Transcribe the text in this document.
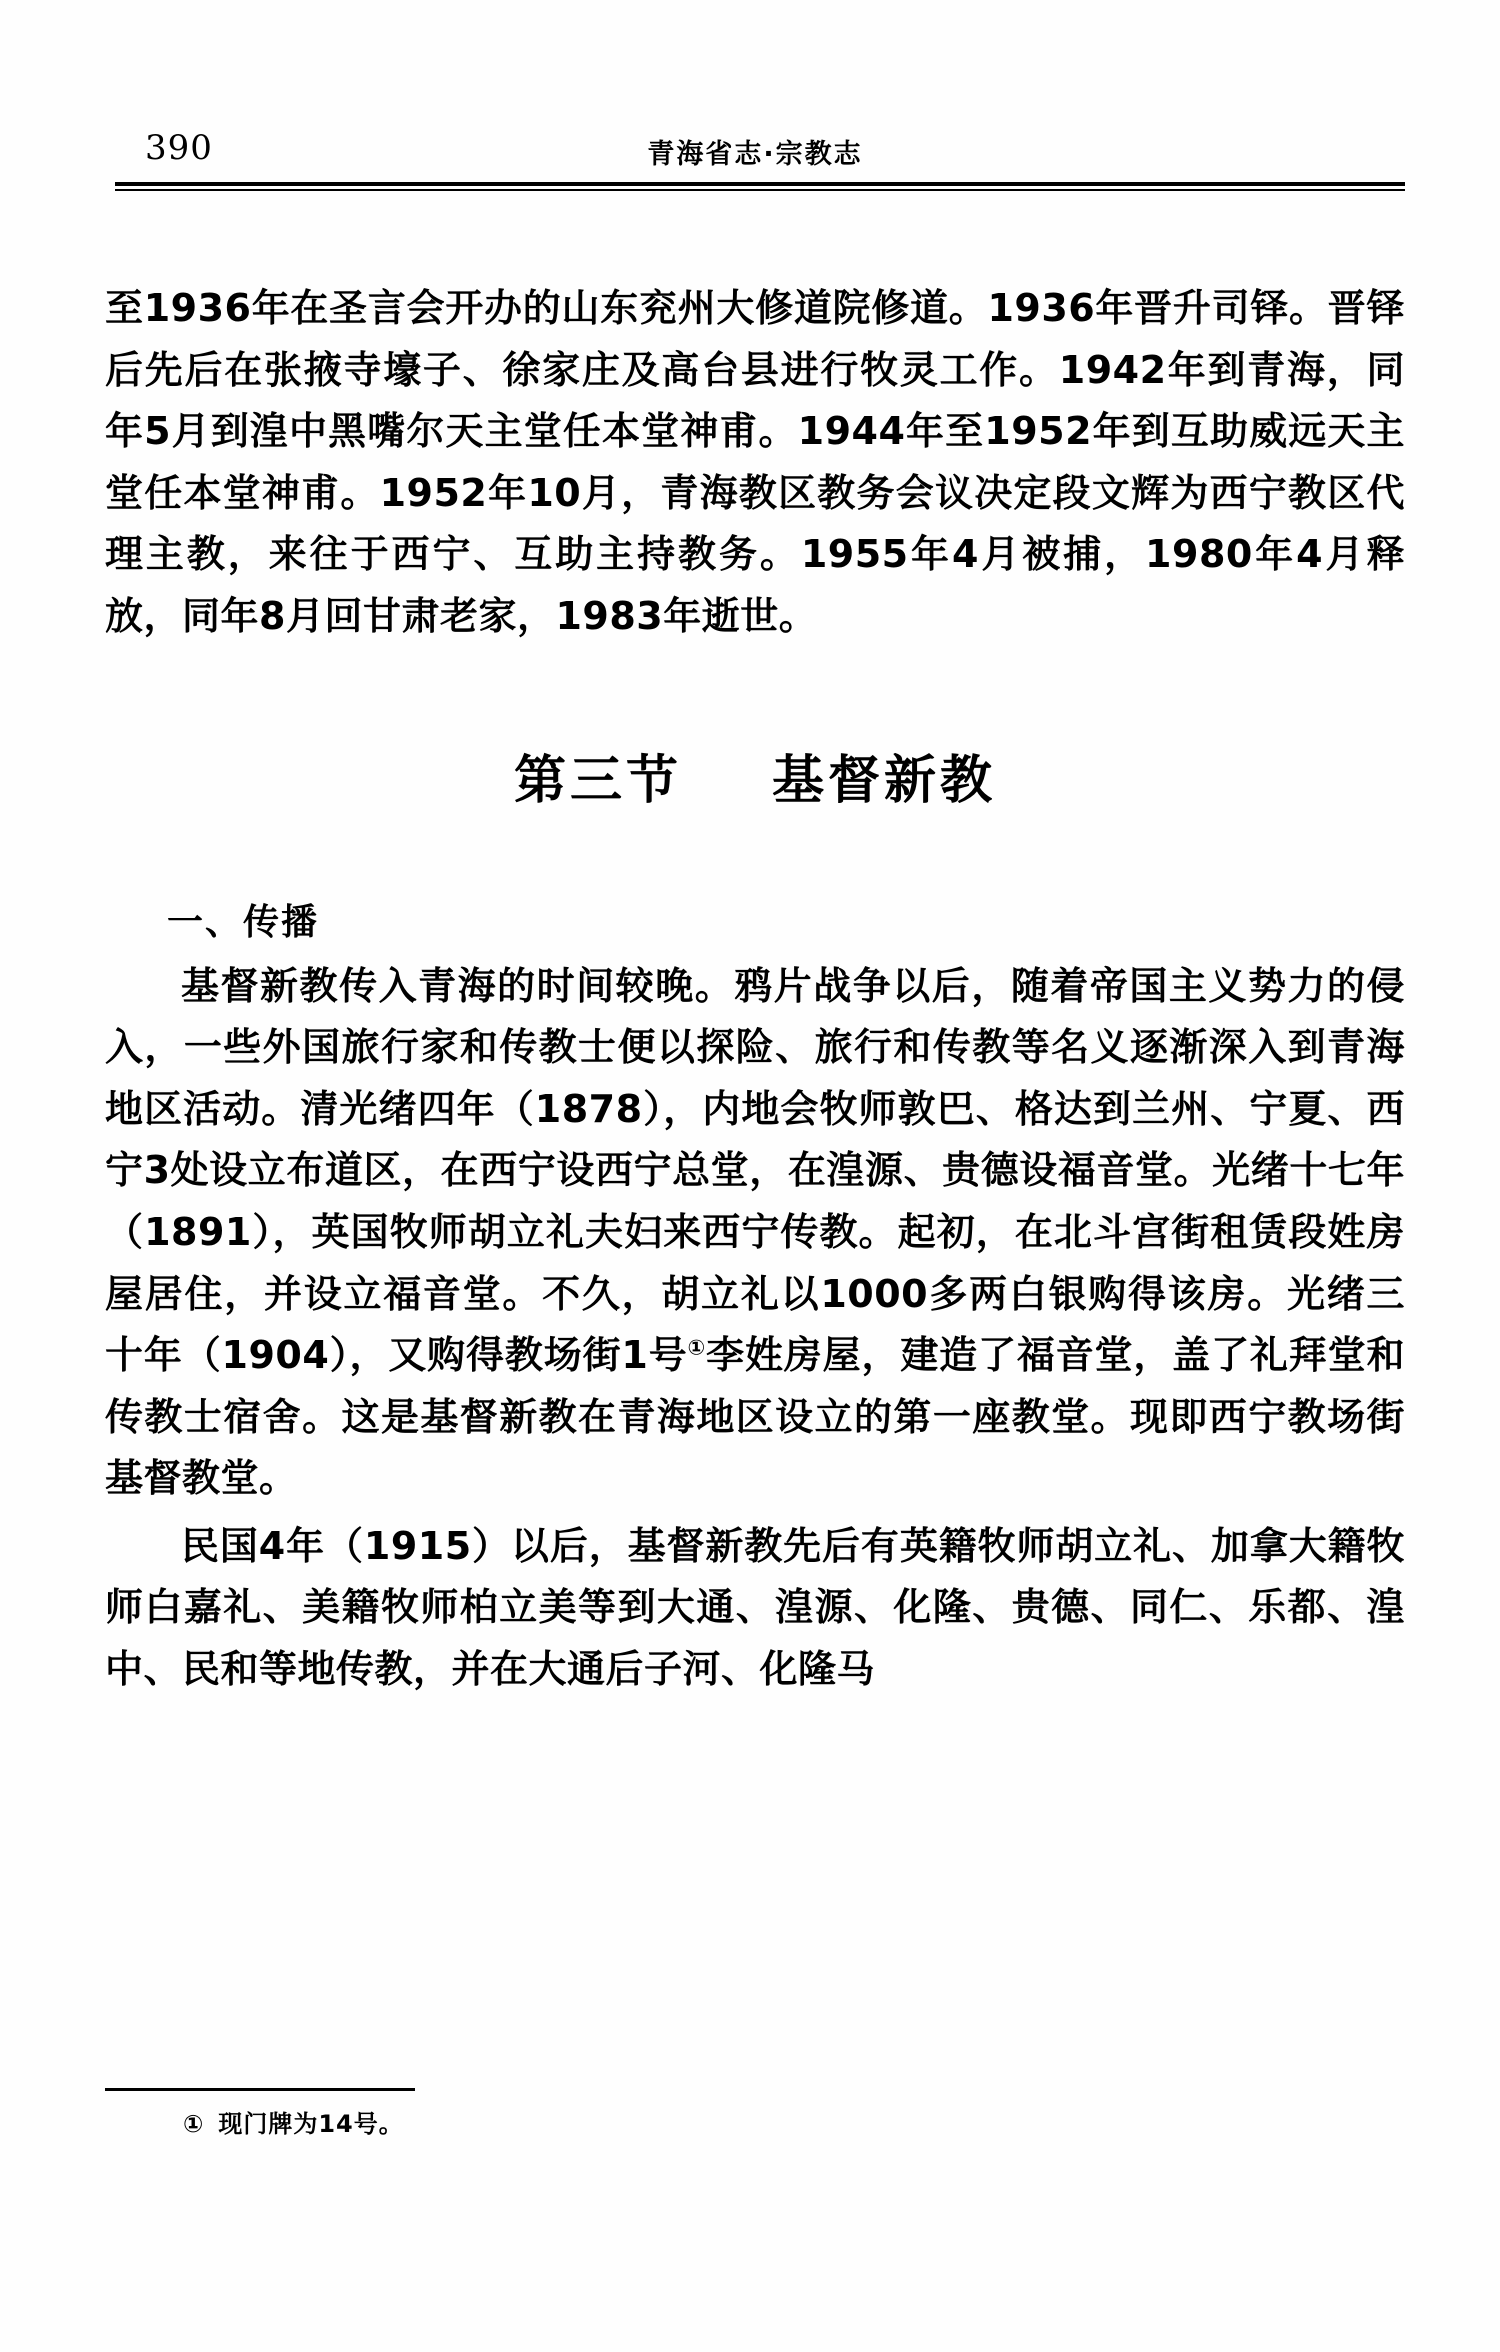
390	青海省志·宗教志

至1936年在圣言会开办的山东兖州大修道院修道。1936年晋升司铎。晋铎后先后在张掖寺壕子、徐家庄及高台县进行牧灵工作。1942年到青海，同年5月到湟中黑嘴尔天主堂任本堂神甫。1944年至1952年到互助威远天主堂任本堂神甫。1952年10月，青海教区教务会议决定段文辉为西宁教区代理主教，来往于西宁、互助主持教务。1955年4月被捕，1980年4月释放，同年8月回甘肃老家，1983年逝世。

第三节 基督新教

一、传播

基督新教传入青海的时间较晚。鸦片战争以后，随着帝国主义势力的侵入，一些外国旅行家和传教士便以探险、旅行和传教等名义逐渐深入到青海地区活动。清光绪四年（1878），内地会牧师敦巴、格达到兰州、宁夏、西宁3处设立布道区，在西宁设西宁总堂，在湟源、贵德设福音堂。光绪十七年（1891），英国牧师胡立礼夫妇来西宁传教。起初，在北斗宫街租赁段姓房屋居住，并设立福音堂。不久，胡立礼以1000多两白银购得该房。光绪三十年（1904），又购得教场街1号①李姓房屋，建造了福音堂，盖了礼拜堂和传教士宿舍。这是基督新教在青海地区设立的第一座教堂。现即西宁教场街基督教堂。

民国4年（1915）以后，基督新教先后有英籍牧师胡立礼、加拿大籍牧师白嘉礼、美籍牧师柏立美等到大通、湟源、化隆、贵德、同仁、乐都、湟中、民和等地传教，并在大通后子河、化隆马

① 现门牌为14号。
